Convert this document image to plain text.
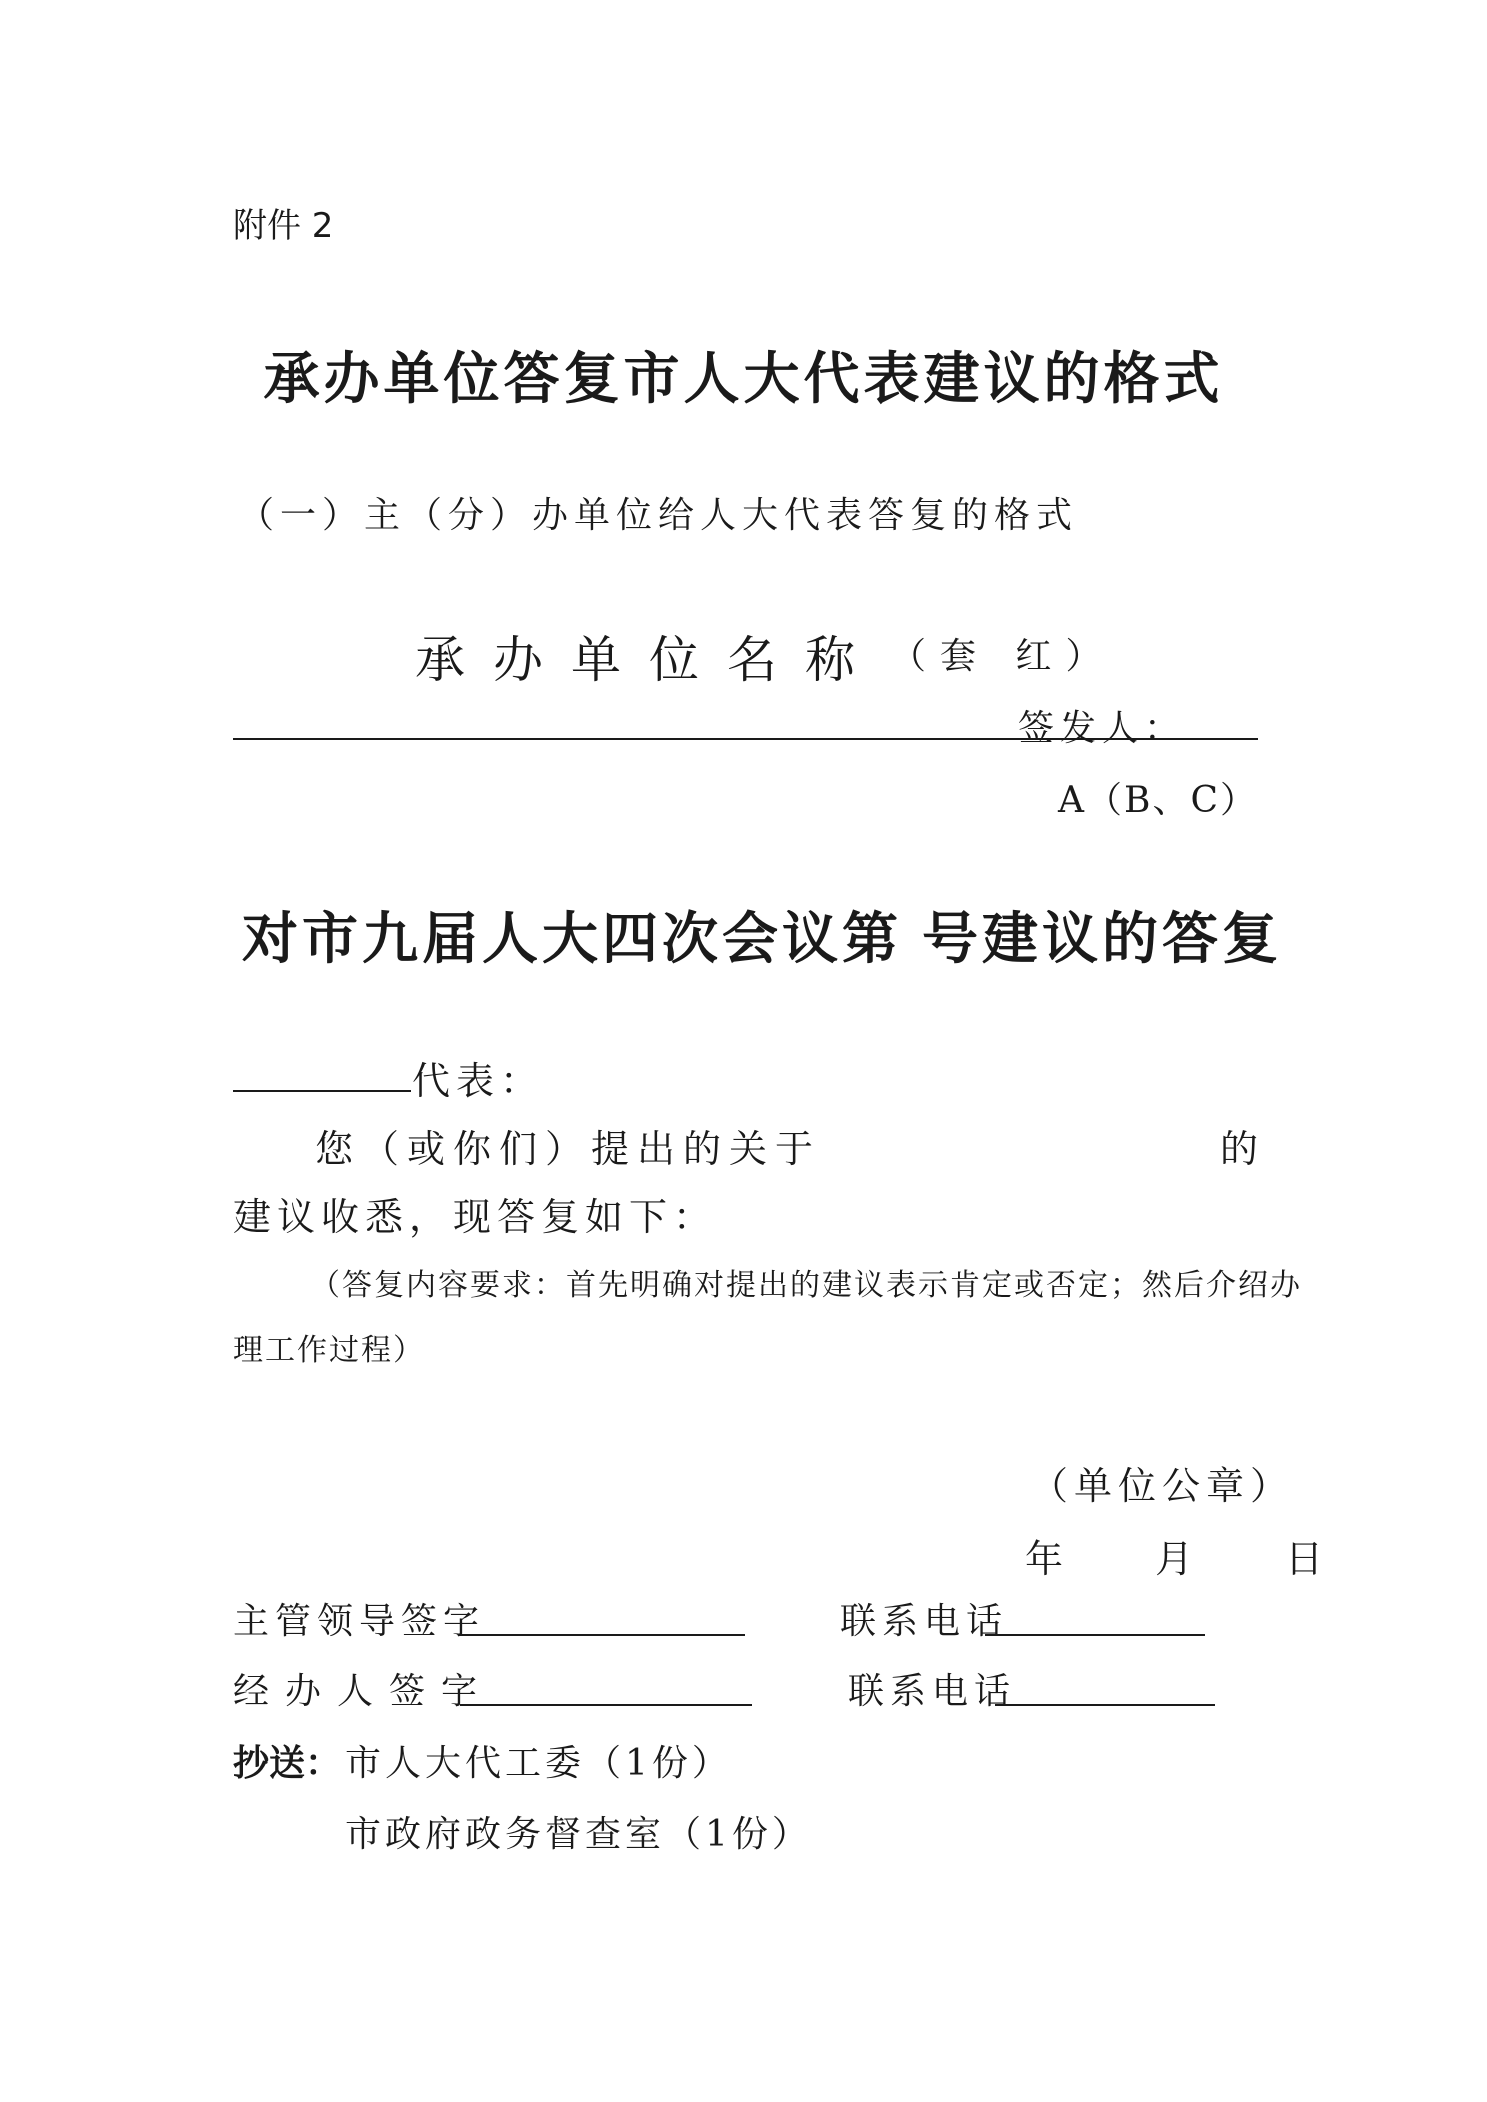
附件 2
承办单位答复市人大代表建议的格式
（一）主（分）办单位给人大代表答复的格式
承办单位名称 （套 红）
签发人：
A（B、C）
对市九届人大四次会议第 号建议的答复
代表：
您（或你们）提出的关于	的
建议收悉，现答复如下：
（答复内容要求：首先明确对提出的建议表示肯定或否定；然后介绍办
理工作过程）
（单位公章）
年 月 日
主管领导签字	联系电话
经办人签字	联系电话
抄送： 市人大代工委（1份）
市政府政务督查室（1份）
